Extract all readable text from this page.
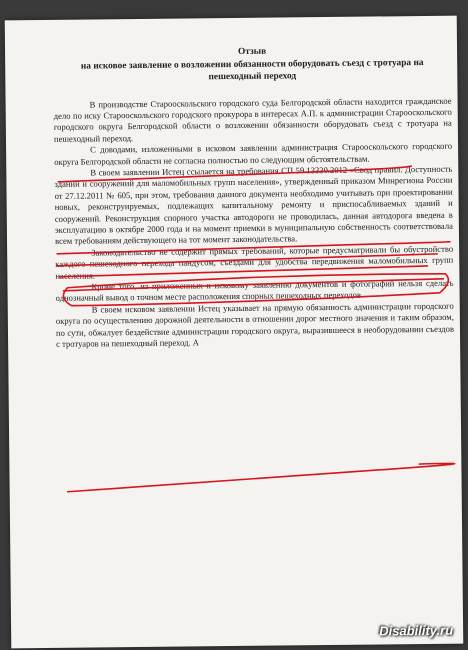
Отзыв

на исковое заявление о возложении обязанности оборудовать съезд с тротуара на

пешеходный переход

В производстве Старооскольского городского суда Белгородской области находится гражданское дело по иску Старооскольского городского прокурора в интересах А.П. к администрации Старооскольского городского округа Белгородской области о возложении обязанности оборудовать съезд с тротуара на пешеходный переход.

С доводами, изложенными в исковом заявлении администрация Старооскольского городского округа Белгородской области не согласна полностью по следующим обстоятельствам.

В своем заявлении Истец ссылается на требования СП 59.13330.2012 «Свод правил. Доступность зданий и сооружений для маломобильных групп населения», утвержденный приказом Минрегиона России от 27.12.2011 № 605, при этом, требования данного документа необходимо учитывать при проектировании новых, реконструируемых, подлежащих капитальному ремонту и приспосабливаемых зданий и сооружений. Реконструкция спорного участка автодороги не проводилась, данная автодорога введена в эксплуатацию в октябре 2000 года и на момент приемки в муниципальную собственность соответствовала всем требованиям действующего на тот момент законодательства.

Законодательство не содержит прямых требований, которые предусматривали бы обустройство каждого пешеходного перехода пандусом, съездами для удобства передвижения маломобильных групп населения.

Кроме того, из приложенных к исковому заявлению документов и фотографий нельзя сделать однозначный вывод о точном месте расположения спорных пешеходных переходов.

В своем исковом заявлении Истец указывает на прямую обязанность администрации городского округа по осуществлению дорожной деятельности в отношении дорог местного значения и таким образом, по сути, обжалует бездействие администрации городского округа, выразившееся в необорудовании съездов с тротуаров на пешеходный переход. А

Disability.ru
